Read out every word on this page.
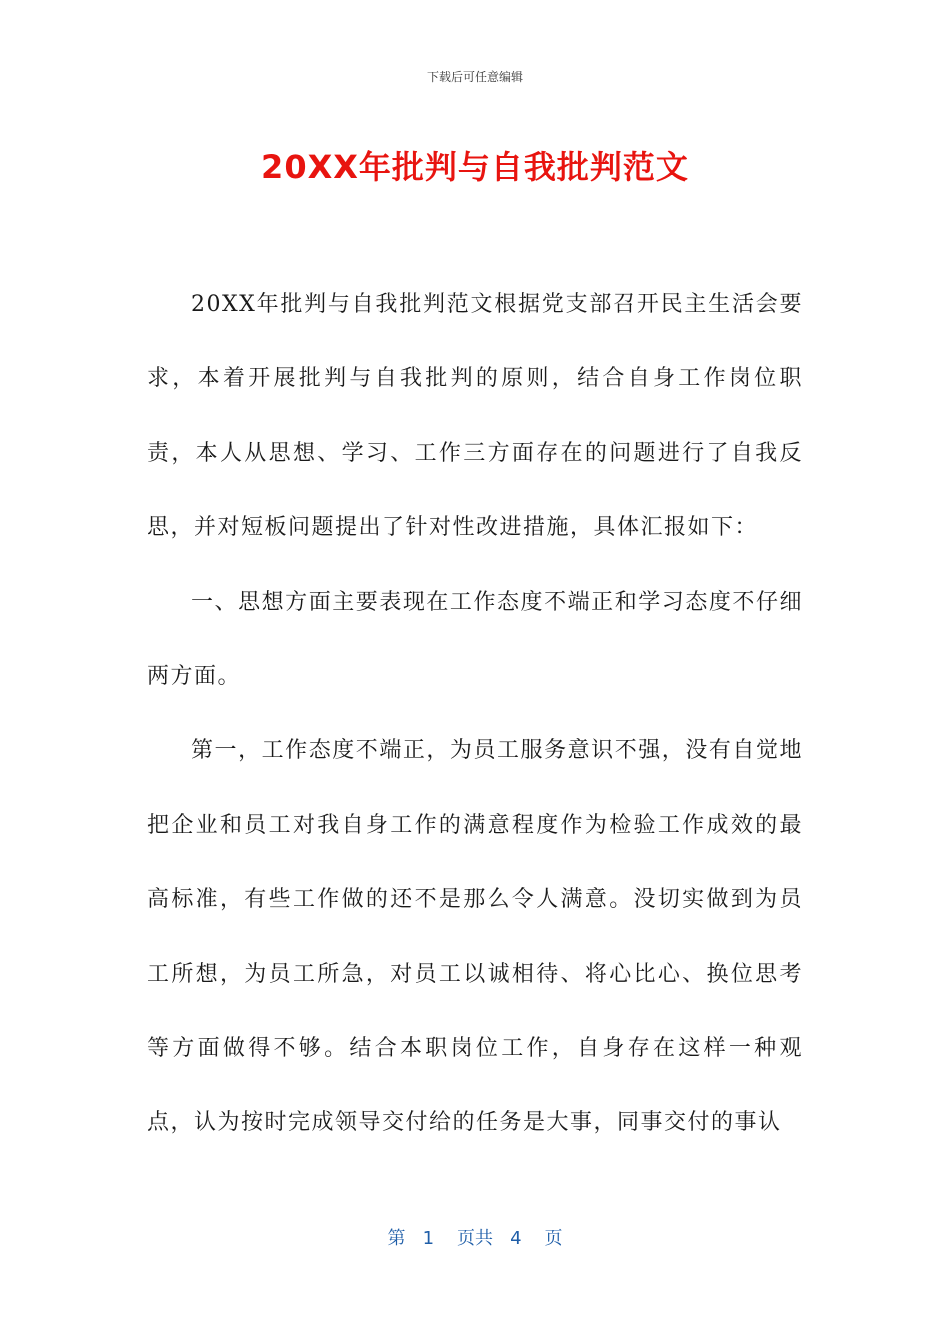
下载后可任意编辑
20XX年批判与自我批判范文

20XX年批判与自我批判范文根据党支部召开民主生活会要求，本着开展批判与自我批判的原则，结合自身工作岗位职责，本人从思想、学习、工作三方面存在的问题进行了自我反思，并对短板问题提出了针对性改进措施，具体汇报如下：

一、思想方面主要表现在工作态度不端正和学习态度不仔细两方面。

第一，工作态度不端正，为员工服务意识不强，没有自觉地把企业和员工对我自身工作的满意程度作为检验工作成效的最高标准，有些工作做的还不是那么令人满意。没切实做到为员工所想，为员工所急，对员工以诚相待、将心比心、换位思考等方面做得不够。结合本职岗位工作，自身存在这样一种观点，认为按时完成领导交付给的任务是大事，同事交付的事认

第 1 页共 4 页
